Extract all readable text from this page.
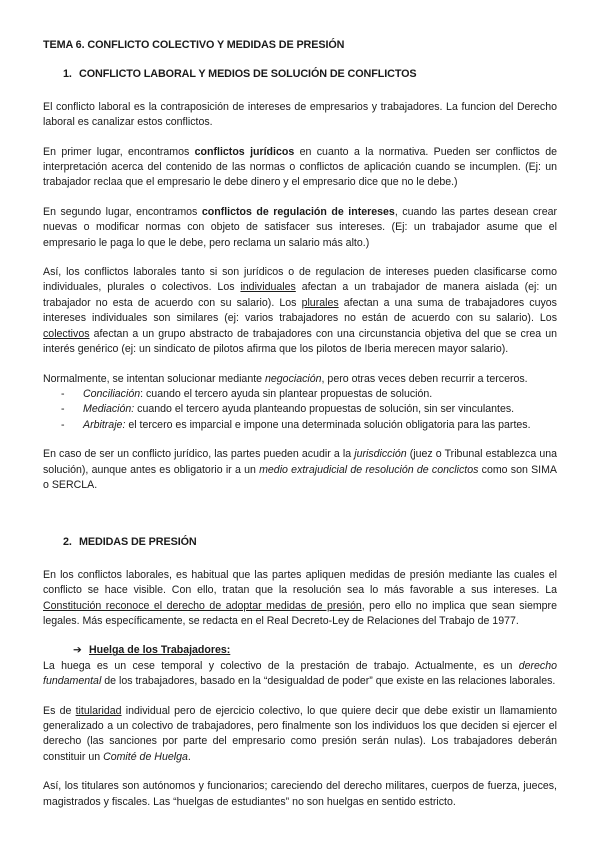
TEMA 6. CONFLICTO COLECTIVO Y MEDIDAS DE PRESIÓN
1. CONFLICTO LABORAL Y MEDIOS DE SOLUCIÓN DE CONFLICTOS

El conflicto laboral es la contraposición de intereses de empresarios y trabajadores. La funcion del Derecho laboral es canalizar estos conflictos.

En primer lugar, encontramos conflictos jurídicos en cuanto a la normativa. Pueden ser conflictos de interpretación acerca del contenido de las normas o conflictos de aplicación cuando se incumplen. (Ej: un trabajador reclaa que el empresario le debe dinero y el empresario dice que no le debe.)

En segundo lugar, encontramos conflictos de regulación de intereses, cuando las partes desean crear nuevas o modificar normas con objeto de satisfacer sus intereses. (Ej: un trabajador asume que el empresario le paga lo que le debe, pero reclama un salario más alto.)

Así, los conflictos laborales tanto si son jurídicos o de regulacion de intereses pueden clasificarse como individuales, plurales o colectivos. Los individuales afectan a un trabajador de manera aislada (ej: un trabajador no esta de acuerdo con su salario). Los plurales afectan a una suma de trabajadores cuyos intereses individuales son similares (ej: varios trabajadores no están de acuerdo con su salario). Los colectivos afectan a un grupo abstracto de trabajadores con una circunstancia objetiva del que se crea un interés genérico (ej: un sindicato de pilotos afirma que los pilotos de Iberia merecen mayor salario).

Normalmente, se intentan solucionar mediante negociación, pero otras veces deben recurrir a terceros.

- Conciliación: cuando el tercero ayuda sin plantear propuestas de solución.
- Mediación: cuando el tercero ayuda planteando propuestas de solución, sin ser vinculantes.
- Arbitraje: el tercero es imparcial e impone una determinada solución obligatoria para las partes.

En caso de ser un conflicto jurídico, las partes pueden acudir a la jurisdicción (juez o Tribunal establezca una solución), aunque antes es obligatorio ir a un medio extrajudicial de resolución de conclictos como son SIMA o SERCLA.

2. MEDIDAS DE PRESIÓN

En los conflictos laborales, es habitual que las partes apliquen medidas de presión mediante las cuales el conflicto se hace visible. Con ello, tratan que la resolución sea lo más favorable a sus intereses. La Constitución reconoce el derecho de adoptar medidas de presión, pero ello no implica que sean siempre legales. Más específicamente, se redacta en el Real Decreto-Ley de Relaciones del Trabajo de 1977.

➔ Huelga de los Trabajadores:

La huega es un cese temporal y colectivo de la prestación de trabajo. Actualmente, es un derecho fundamental de los trabajadores, basado en la “desigualdad de poder” que existe en las relaciones laborales.

Es de titularidad individual pero de ejercicio colectivo, lo que quiere decir que debe existir un llamamiento generalizado a un colectivo de trabajadores, pero finalmente son los individuos los que deciden si ejercer el derecho (las sanciones por parte del empresario como presión serán nulas). Los trabajadores deberán constituir un Comité de Huelga.

Así, los titulares son autónomos y funcionarios; careciendo del derecho militares, cuerpos de fuerza, jueces, magistrados y fiscales. Las “huelgas de estudiantes” no son huelgas en sentido estricto.
